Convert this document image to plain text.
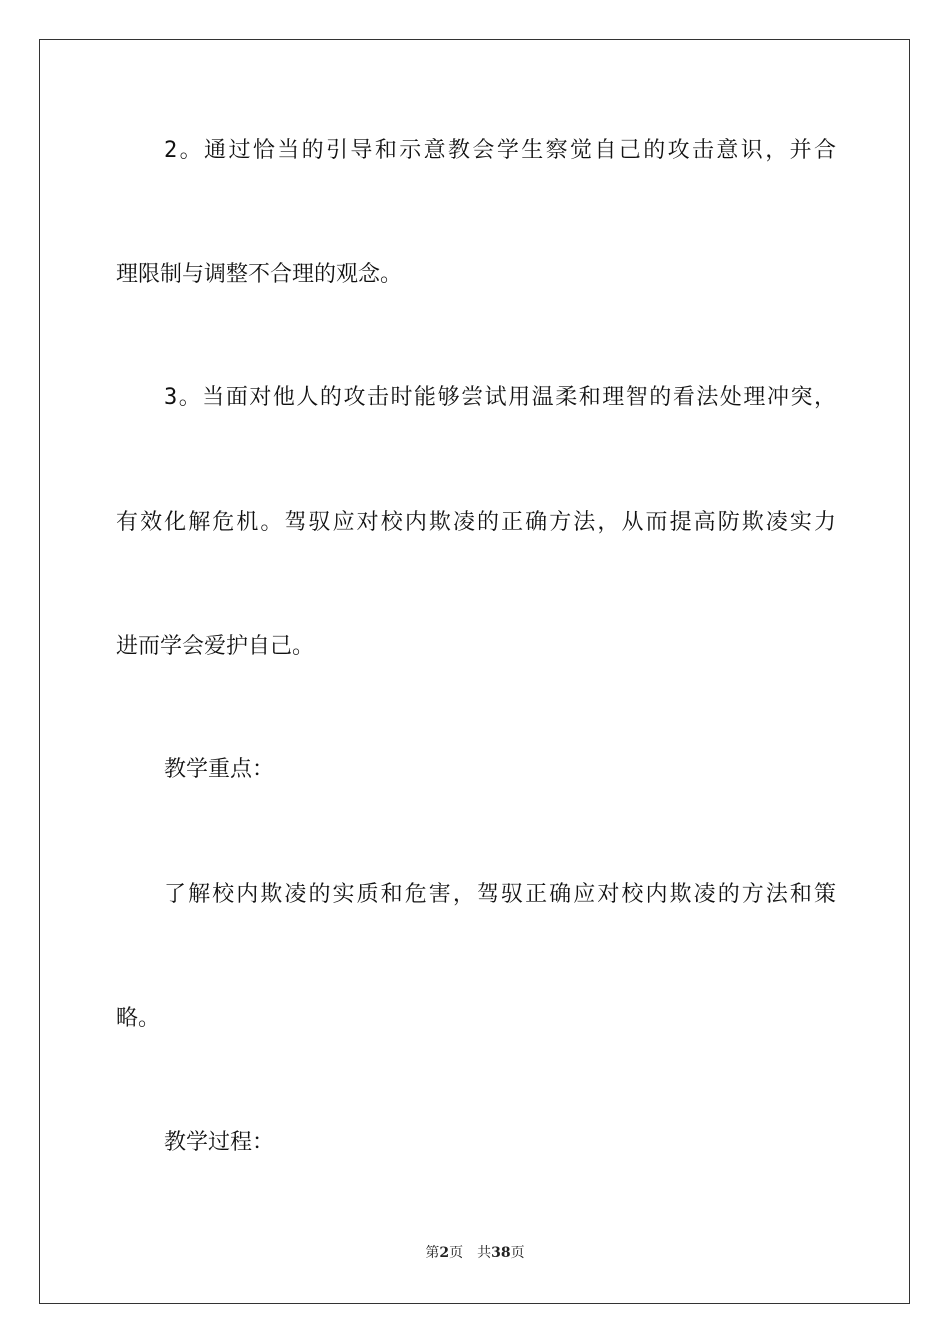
2。通过恰当的引导和示意教会学生察觉自己的攻击意识，并合
理限制与调整不合理的观念。
3。当面对他人的攻击时能够尝试用温柔和理智的看法处理冲突，
有效化解危机。驾驭应对校内欺凌的正确方法，从而提高防欺凌实力
进而学会爱护自己。
教学重点：
了解校内欺凌的实质和危害，驾驭正确应对校内欺凌的方法和策
略。
教学过程：
第2页 共38页
